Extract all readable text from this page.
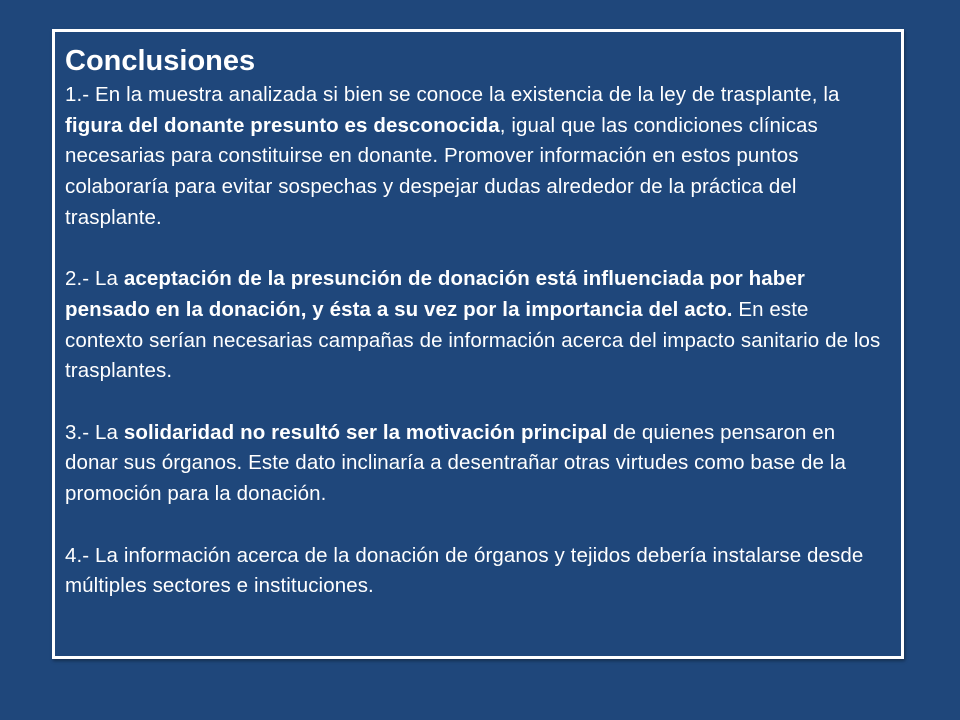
Conclusiones

1.- En la muestra analizada si bien se conoce la existencia de la ley de trasplante, la figura del donante presunto es desconocida, igual que las condiciones clínicas necesarias para constituirse en donante. Promover información en estos puntos colaboraría para evitar sospechas y despejar dudas alrededor de la práctica del trasplante.

2.- La aceptación de la presunción de donación está influenciada por haber pensado en la donación, y ésta a su vez por la importancia del acto. En este contexto serían necesarias campañas de información acerca del impacto sanitario de los trasplantes.

3.- La solidaridad no resultó ser la motivación principal de quienes pensaron en donar sus órganos. Este dato inclinaría a desentrañar otras virtudes como base de la promoción para la donación.

4.- La información acerca de la donación de órganos y tejidos debería instalarse desde múltiples sectores e instituciones.
